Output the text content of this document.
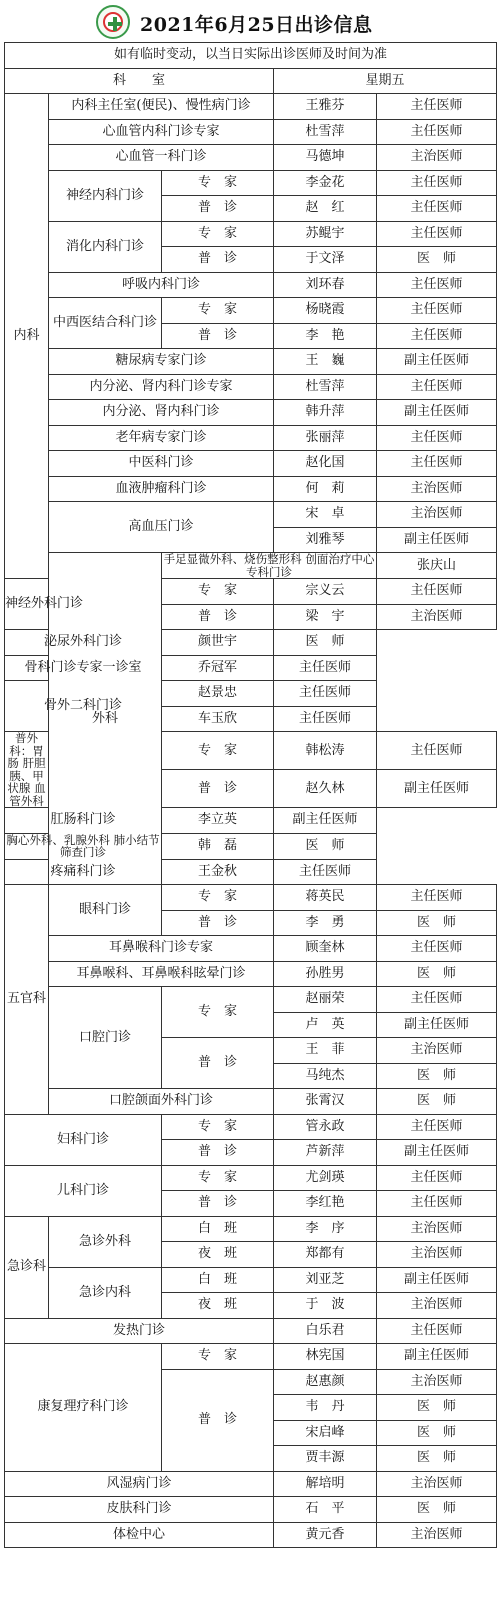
2021年6月25日出诊信息
如有临时变动，以当日实际出诊医师及时间为准					
科　　室			星期五		
内科	内科主任室(便民)、慢性病门诊		王雅芬	主任医师	
	心血管内科门诊专家		杜雪萍	主任医师	
	心血管一科门诊		马德坤	主治医师	
	神经内科门诊	专　家	李金花	主任医师	
		普　诊	赵　红	主任医师	
	消化内科门诊	专　家	苏鲲宇	主任医师	
		普　诊	于文泽	医　师	
	呼吸内科门诊		刘环春	主任医师	
	中西医结合科门诊	专　家	杨晓霞	主任医师	
		普　诊	李　艳	主任医师	
	糖尿病专家门诊		王　巍	副主任医师	
	内分泌、肾内科门诊专家		杜雪萍	主任医师	
	内分泌、肾内科门诊		韩升萍	副主任医师	
	老年病专家门诊		张丽萍	主任医师	
	中医科门诊		赵化国	主任医师	
	血液肿瘤科门诊		何　莉	主治医师	
	高血压门诊		宋　卓	主治医师	
			刘雅琴	副主任医师	
	外科	手足显微外科、烧伤整形科 创面治疗中心专科门诊		张庆山	
神经外科门诊		专　家	宗义云	主任医师	
		普　诊	梁　宇	主治医师	
泌尿外科门诊		颜世宇	医　师		
骨科门诊专家一诊室		乔冠军	主任医师		
骨外二科门诊		赵景忠	主任医师		
		车玉欣	主任医师		
普外科：胃肠 肝胆胰、甲状腺 血管外科		专　家	韩松涛	主任医师	
		普　诊	赵久林	副主任医师	
肛肠科门诊		李立英	副主任医师		
胸心外科、乳腺外科 肺小结节筛查门诊		韩　磊	医　师		
疼痛科门诊		王金秋	主任医师		
五官科	眼科门诊	专　家	蒋英民	主任医师	
		普　诊	李　勇	医　师	
	耳鼻喉科门诊专家		顾奎林	主任医师	
	耳鼻喉科、耳鼻喉科眩晕门诊		孙胜男	医　师	
	口腔门诊	专　家	赵丽荣	主任医师	
			卢　英	副主任医师	
		普　诊	王　菲	主治医师	
			马纯杰	医　师	
	口腔颌面外科门诊		张霄汉	医　师	
妇科门诊		专　家	管永政	主任医师	
		普　诊	芦新萍	副主任医师	
儿科门诊		专　家	尤剑瑛	主任医师	
		普　诊	李红艳	主任医师	
急诊科	急诊外科	白　班	李　序	主治医师	
		夜　班	郑都有	主治医师	
	急诊内科	白　班	刘亚芝	副主任医师	
		夜　班	于　波	主治医师	
发热门诊			白乐君	主任医师	
康复理疗科门诊		专　家	林宪国	副主任医师	
		普　诊	赵惠颜	主治医师	
			韦　丹	医　师	
			宋启峰	医　师	
			贾丰源	医　师	
风湿病门诊			解培明	主治医师	
皮肤科门诊			石　平	医　师	
体检中心			黄元香	主治医师	
